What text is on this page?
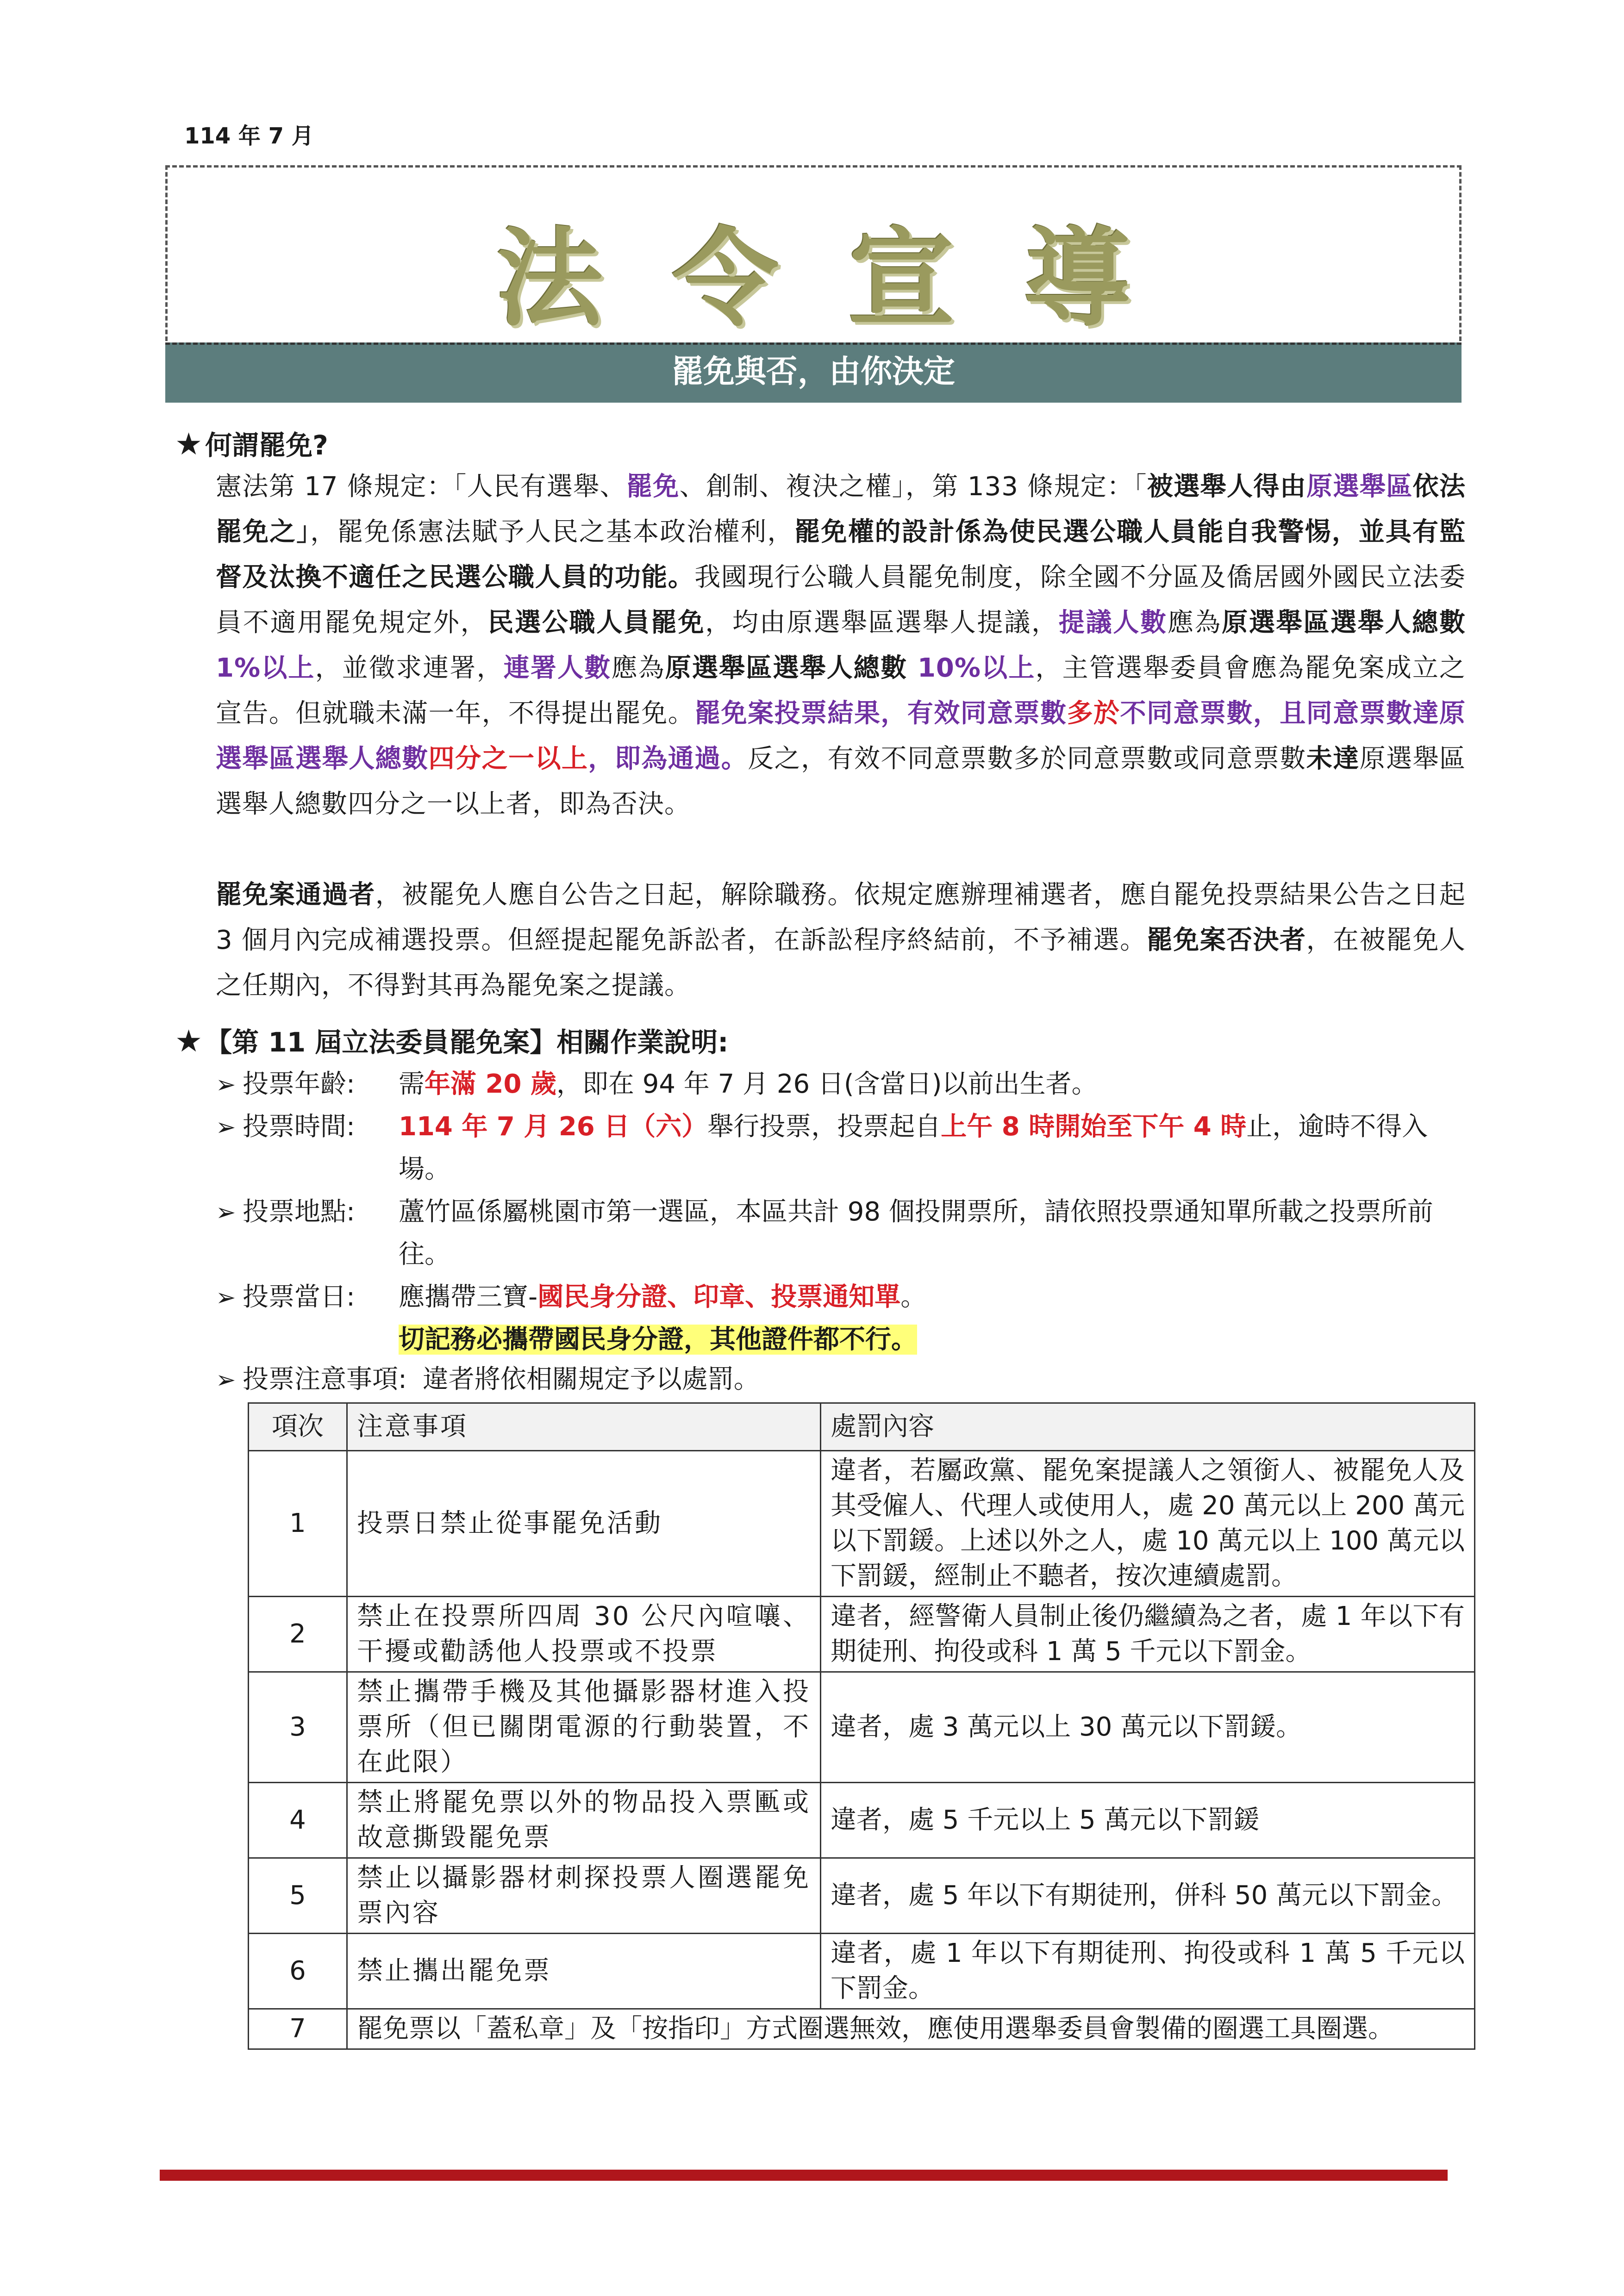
114 年 7 月
法令宣導
罷免與否，由你決定
★ 何謂罷免?
憲法第 17 條規定：「人民有選舉、罷免、創制、複決之權」，第 133 條規定：「被選舉人得由原選舉區依法罷免之」，罷免係憲法賦予人民之基本政治權利，罷免權的設計係為使民選公職人員能自我警惕，並具有監督及汰換不適任之民選公職人員的功能。我國現行公職人員罷免制度，除全國不分區及僑居國外國民立法委員不適用罷免規定外，民選公職人員罷免，均由原選舉區選舉人提議，提議人數應為原選舉區選舉人總數 1%以上，並徵求連署，連署人數應為原選舉區選舉人總數 10%以上，主管選舉委員會應為罷免案成立之宣告。但就職未滿一年，不得提出罷免。罷免案投票結果，有效同意票數多於不同意票數，且同意票數達原選舉區選舉人總數四分之一以上，即為通過。反之，有效不同意票數多於同意票數或同意票數未達原選舉區選舉人總數四分之一以上者，即為否決。
罷免案通過者，被罷免人應自公告之日起，解除職務。依規定應辦理補選者，應自罷免投票結果公告之日起 3 個月內完成補選投票。但經提起罷免訴訟者，在訴訟程序終結前，不予補選。罷免案否決者，在被罷免人之任期內，不得對其再為罷免案之提議。
★ 【第 11 屆立法委員罷免案】相關作業說明:
➢ 投票年齡: 需年滿 20 歲，即在 94 年 7 月 26 日(含當日)以前出生者。
➢ 投票時間: 114 年 7 月 26 日（六）舉行投票，投票起自上午 8 時開始至下午 4 時止，逾時不得入場。
➢ 投票地點: 蘆竹區係屬桃園市第一選區，本區共計 98 個投開票所，請依照投票通知單所載之投票所前往。
➢ 投票當日: 應攜帶三寶-國民身分證、印章、投票通知單。
切記務必攜帶國民身分證，其他證件都不行。
➢ 投票注意事項: 違者將依相關規定予以處罰。
項次	注意事項	處罰內容
1	投票日禁止從事罷免活動	違者，若屬政黨、罷免案提議人之領銜人、被罷免人及其受僱人、代理人或使用人，處 20 萬元以上 200 萬元以下罰鍰。上述以外之人，處 10 萬元以上 100 萬元以下罰鍰，經制止不聽者，按次連續處罰。
2	禁止在投票所四周 30 公尺內喧嚷、干擾或勸誘他人投票或不投票	違者，經警衛人員制止後仍繼續為之者，處 1 年以下有期徒刑、拘役或科 1 萬 5 千元以下罰金。
3	禁止攜帶手機及其他攝影器材進入投票所（但已關閉電源的行動裝置，不在此限）	違者，處 3 萬元以上 30 萬元以下罰鍰。
4	禁止將罷免票以外的物品投入票匭或故意撕毀罷免票	違者，處 5 千元以上 5 萬元以下罰鍰
5	禁止以攝影器材刺探投票人圈選罷免票內容	違者，處 5 年以下有期徒刑，併科 50 萬元以下罰金。
6	禁止攜出罷免票	違者，處 1 年以下有期徒刑、拘役或科 1 萬 5 千元以下罰金。
7	罷免票以「蓋私章」及「按指印」方式圈選無效，應使用選舉委員會製備的圈選工具圈選。	
